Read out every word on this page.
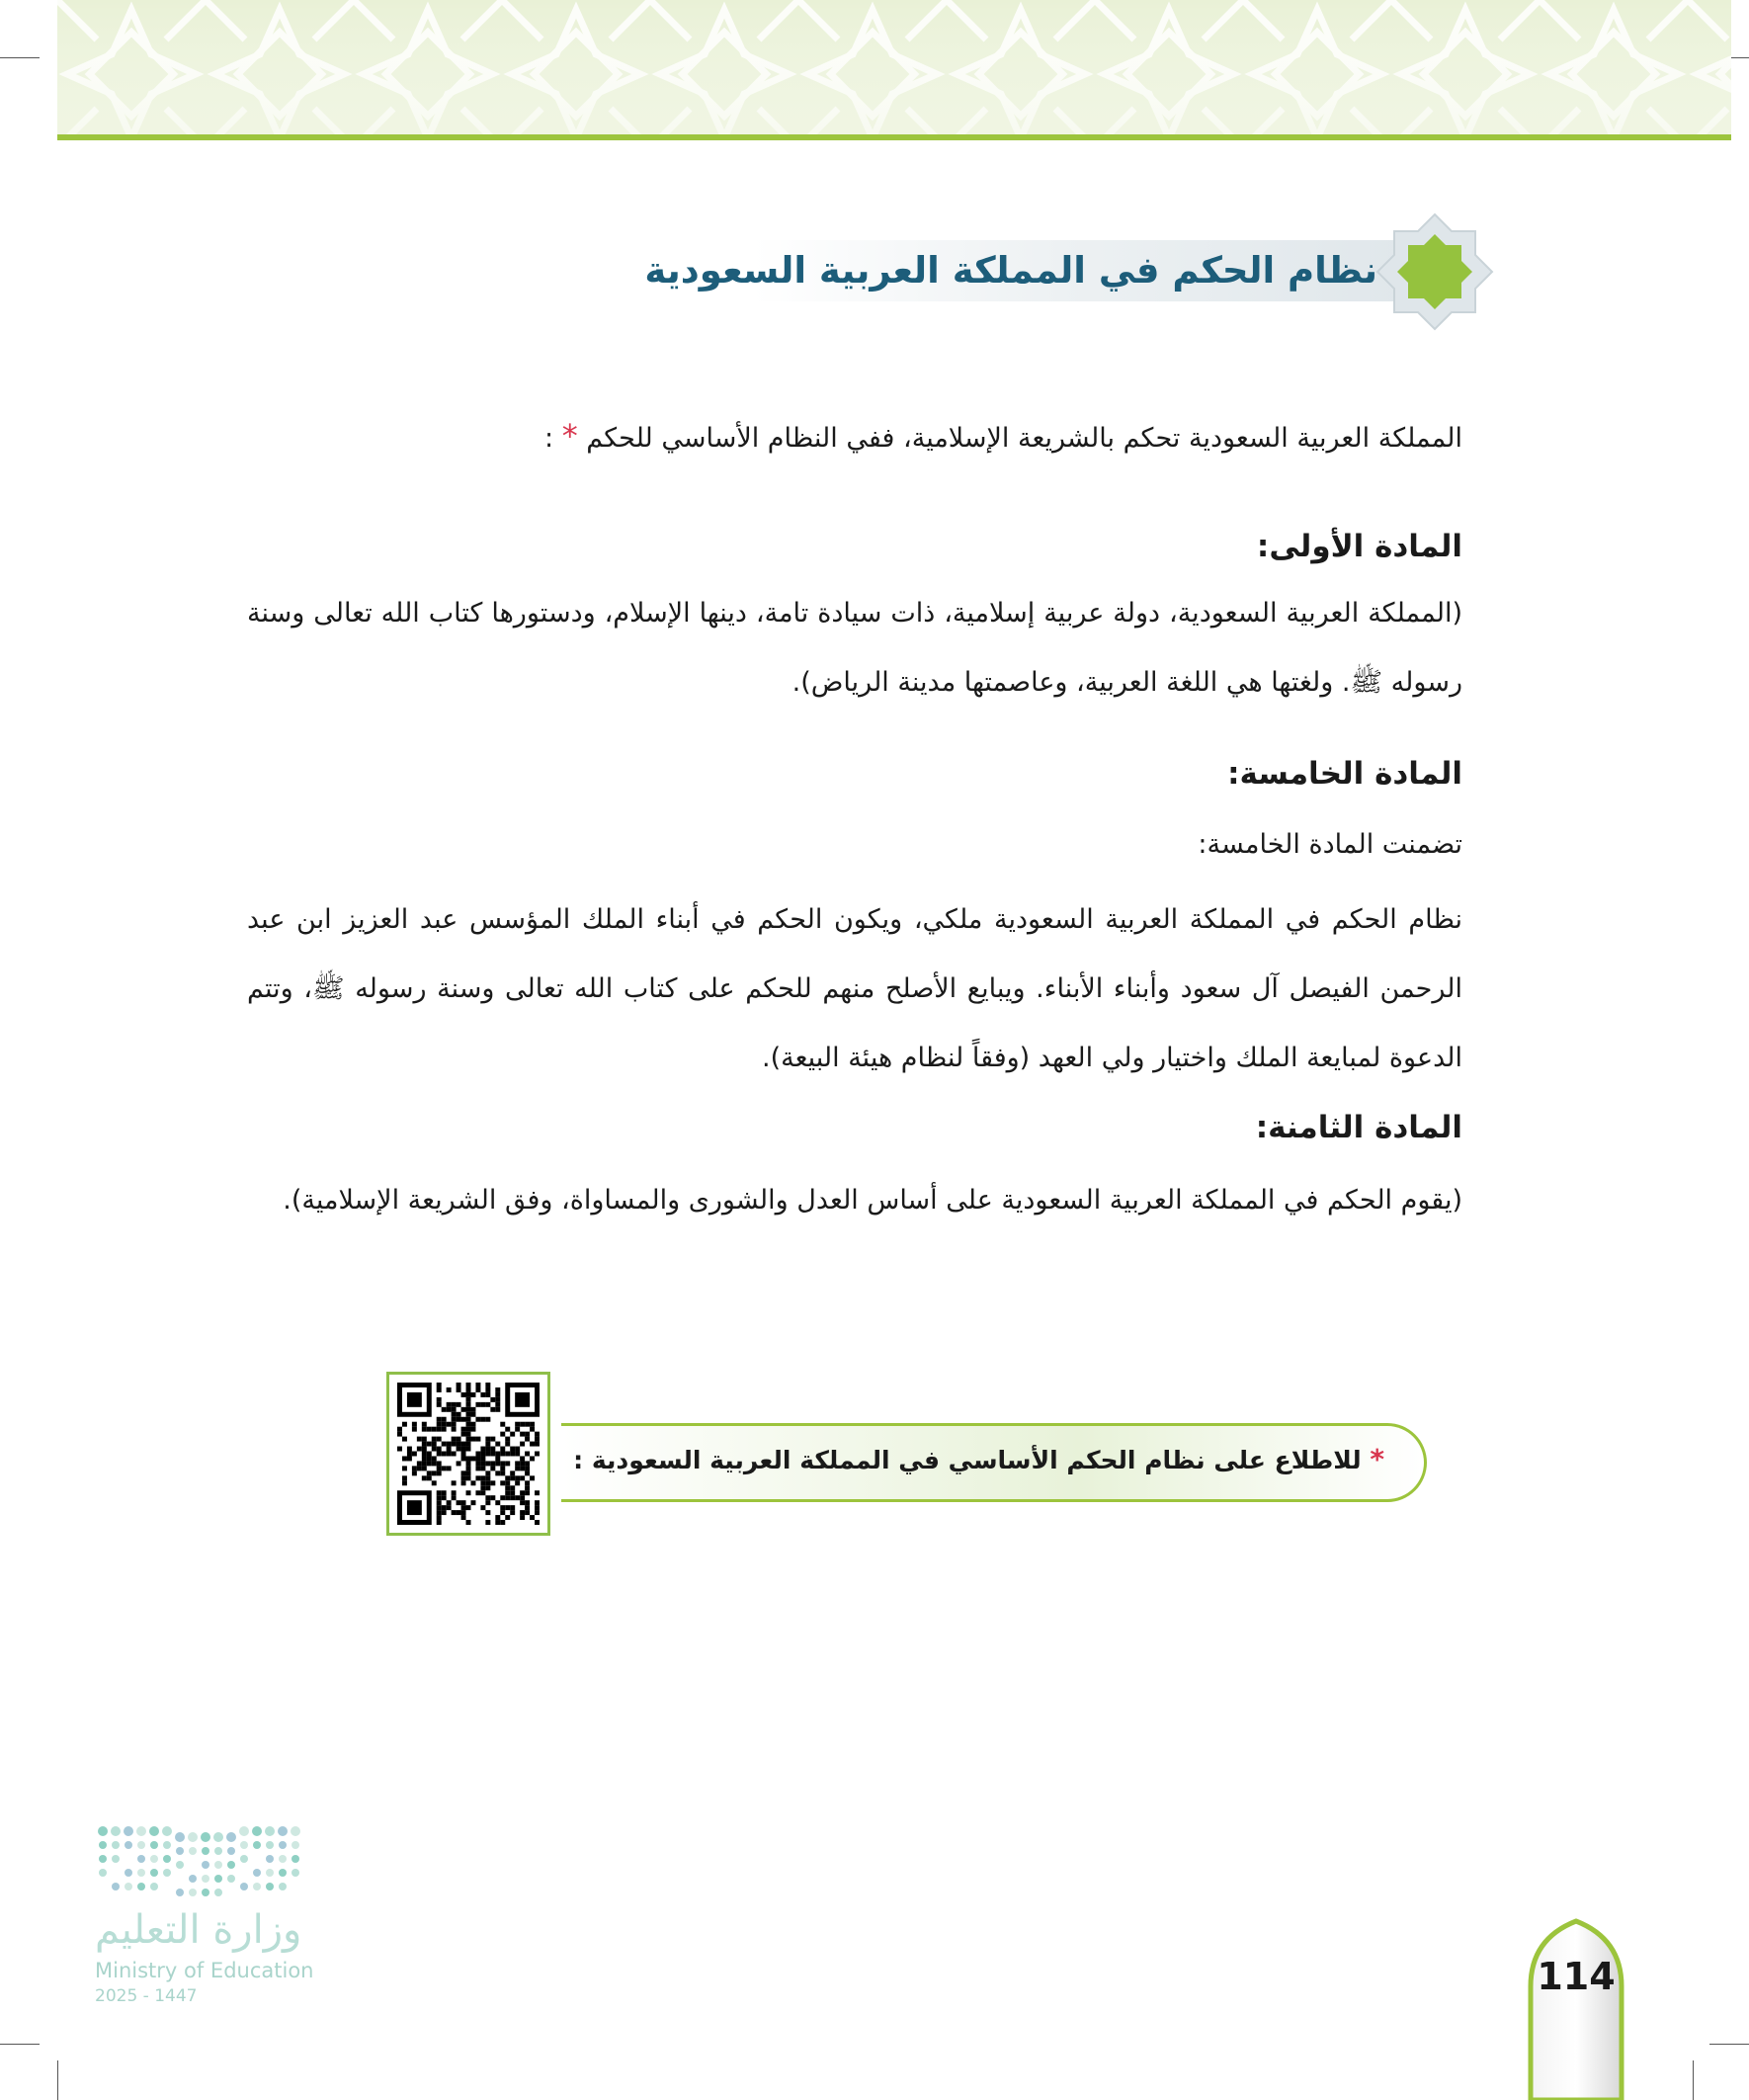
نظام الحكم في المملكة العربية السعودية
المملكة العربية السعودية تحكم بالشريعة الإسلامية، ففي النظام الأساسي للحكم * :
المادة الأولى:
(المملكة العربية السعودية، دولة عربية إسلامية، ذات سيادة تامة، دينها الإسلام، ودستورها كتاب الله تعالى وسنة رسوله ﷺ. ولغتها هي اللغة العربية، وعاصمتها مدينة الرياض).
المادة الخامسة:
تضمنت المادة الخامسة:
نظام الحكم في المملكة العربية السعودية ملكي، ويكون الحكم في أبناء الملك المؤسس عبد العزيز ابن عبد الرحمن الفيصل آل سعود وأبناء الأبناء. ويبايع الأصلح منهم للحكم على كتاب الله تعالى وسنة رسوله ﷺ، وتتم الدعوة لمبايعة الملك واختيار ولي العهد (وفقاً لنظام هيئة البيعة).
المادة الثامنة:
(يقوم الحكم في المملكة العربية السعودية على أساس العدل والشورى والمساواة، وفق الشريعة الإسلامية).
* للاطلاع على نظام الحكم الأساسي في المملكة العربية السعودية :
وزارة التعليم
Ministry of Education
2025 - 1447	114
